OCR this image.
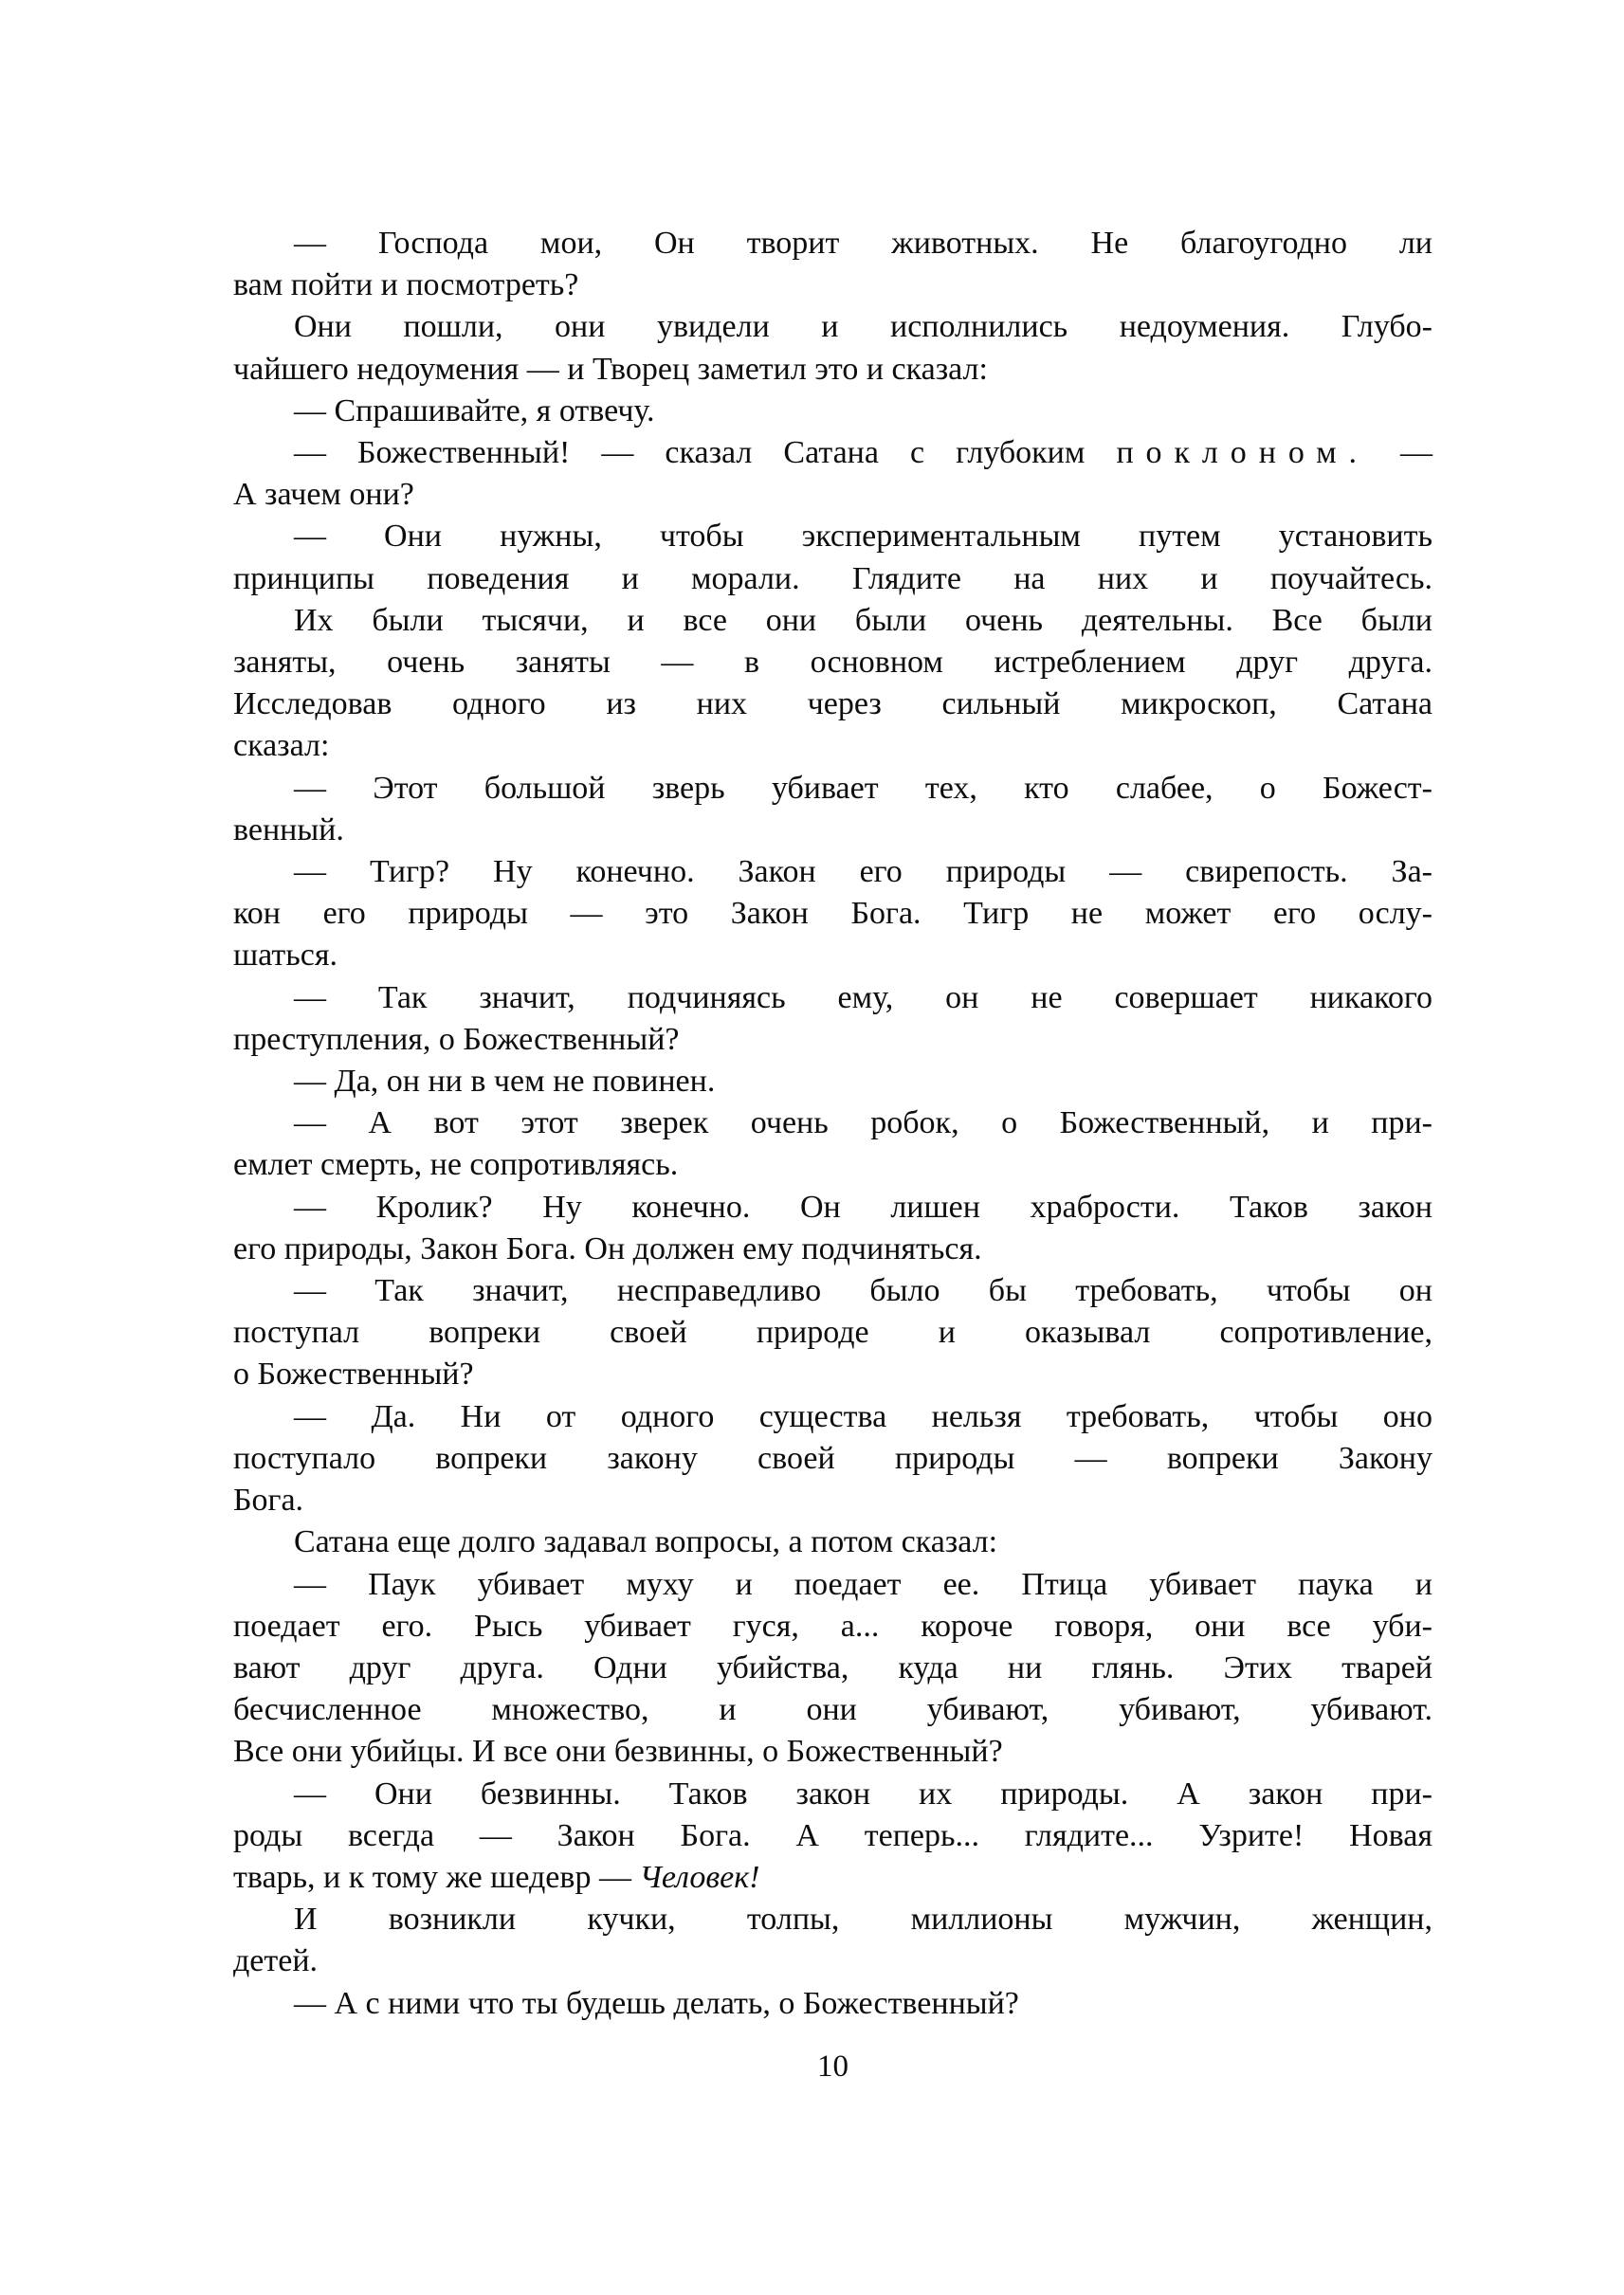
— Господа мои, Он творит животных. Не благоугодно ли
вам пойти и посмотреть?
Они пошли, они увидели и исполнились недоумения. Глубо-
чайшего недоумения — и Творец заметил это и сказал:
— Спрашивайте, я отвечу.
— Божественный! — сказал Сатана с глубоким поклоном. —
А зачем они?
— Они нужны, чтобы экспериментальным путем установить
принципы поведения и морали. Глядите на них и поучайтесь.
Их были тысячи, и все они были очень деятельны. Все были
заняты, очень заняты — в основном истреблением друг друга.
Исследовав одного из них через сильный микроскоп, Сатана
сказал:
— Этот большой зверь убивает тех, кто слабее, о Божест-
венный.
— Тигр? Ну конечно. Закон его природы — свирепость. За-
кон его природы — это Закон Бога. Тигр не может его ослу-
шаться.
— Так значит, подчиняясь ему, он не совершает никакого
преступления, о Божественный?
— Да, он ни в чем не повинен.
— А вот этот зверек очень робок, о Божественный, и при-
емлет смерть, не сопротивляясь.
— Кролик? Ну конечно. Он лишен храбрости. Таков закон
его природы, Закон Бога. Он должен ему подчиняться.
— Так значит, несправедливо было бы требовать, чтобы он
поступал вопреки своей природе и оказывал сопротивление,
о Божественный?
— Да. Ни от одного существа нельзя требовать, чтобы оно
поступало вопреки закону своей природы — вопреки Закону
Бога.
Сатана еще долго задавал вопросы, а потом сказал:
— Паук убивает муху и поедает ее. Птица убивает паука и
поедает его. Рысь убивает гуся, а... короче говоря, они все уби-
вают друг друга. Одни убийства, куда ни глянь. Этих тварей
бесчисленное множество, и они убивают, убивают, убивают.
Все они убийцы. И все они безвинны, о Божественный?
— Они безвинны. Таков закон их природы. А закон при-
роды всегда — Закон Бога. А теперь... глядите... Узрите! Новая
тварь, и к тому же шедевр — Человек!
И возникли кучки, толпы, миллионы мужчин, женщин,
детей.
— А с ними что ты будешь делать, о Божественный?
10
